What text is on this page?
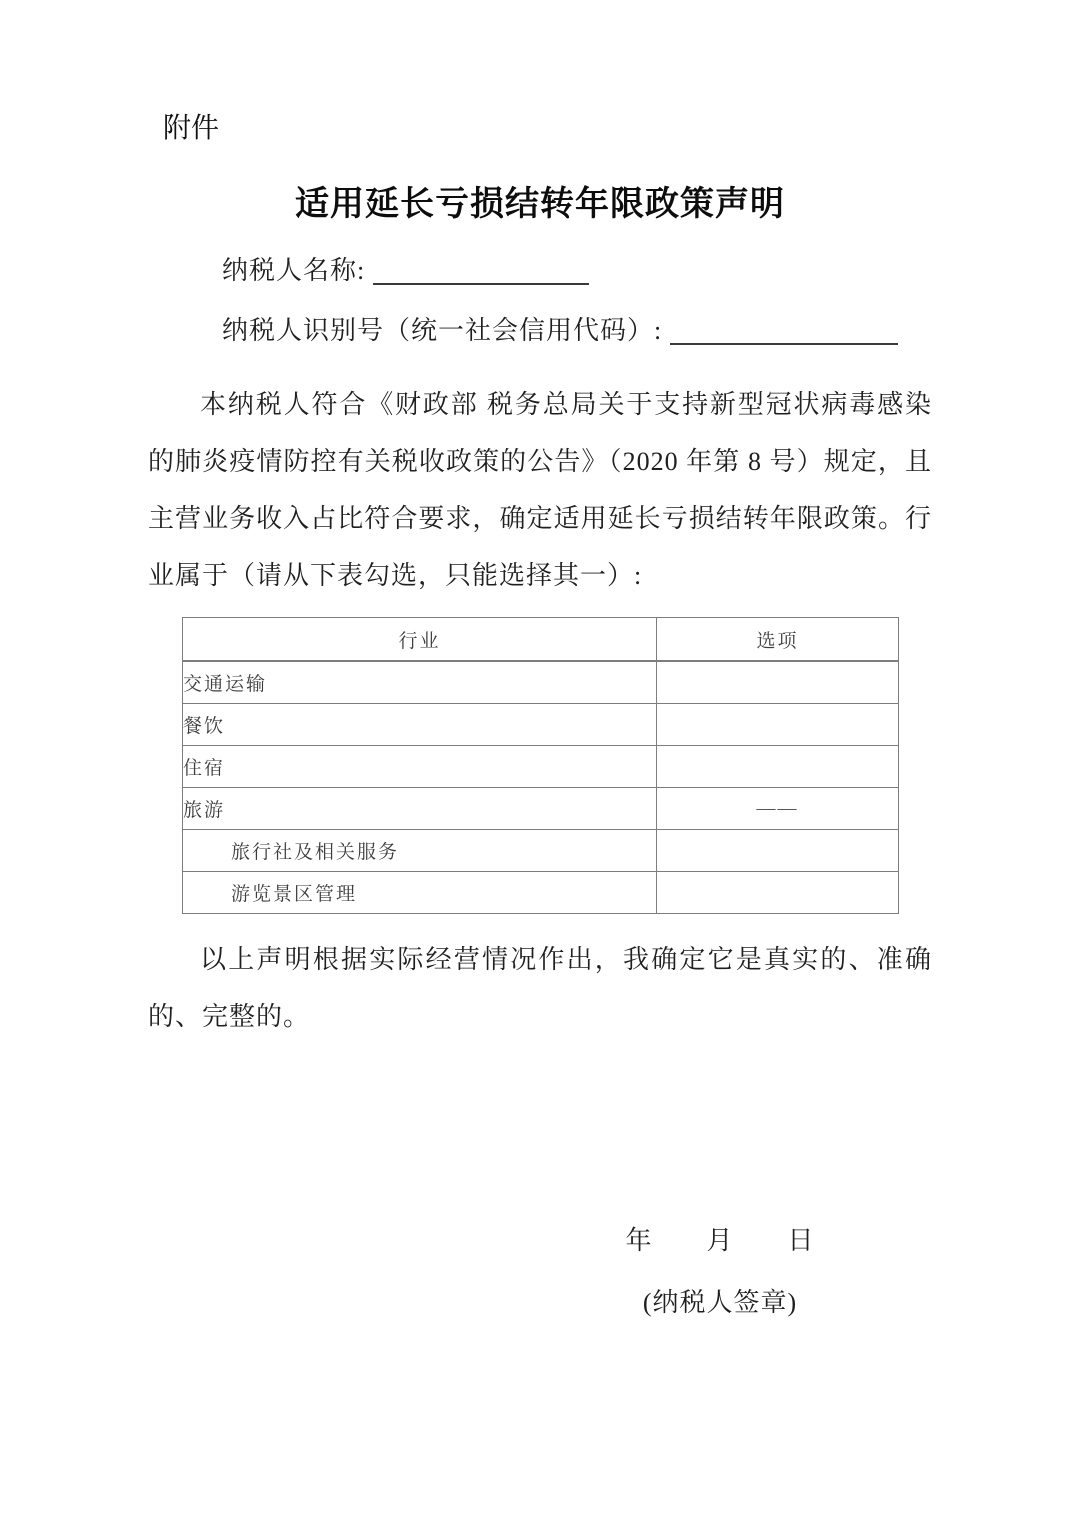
附件
适用延长亏损结转年限政策声明
纳税人名称:
纳税人识别号（统一社会信用代码）:

本纳税人符合《财政部 税务总局关于支持新型冠状病毒感染的肺炎疫情防控有关税收政策的公告》（2020 年第 8 号）规定，且主营业务收入占比符合要求，确定适用延长亏损结转年限政策。行业属于（请从下表勾选，只能选择其一）:

行业	选项
交通运输	
餐饮	
住宿	
旅游	——
旅行社及相关服务	
游览景区管理	

以上声明根据实际经营情况作出，我确定它是真实的、准确的、完整的。

年　　月　　日
(纳税人签章)
